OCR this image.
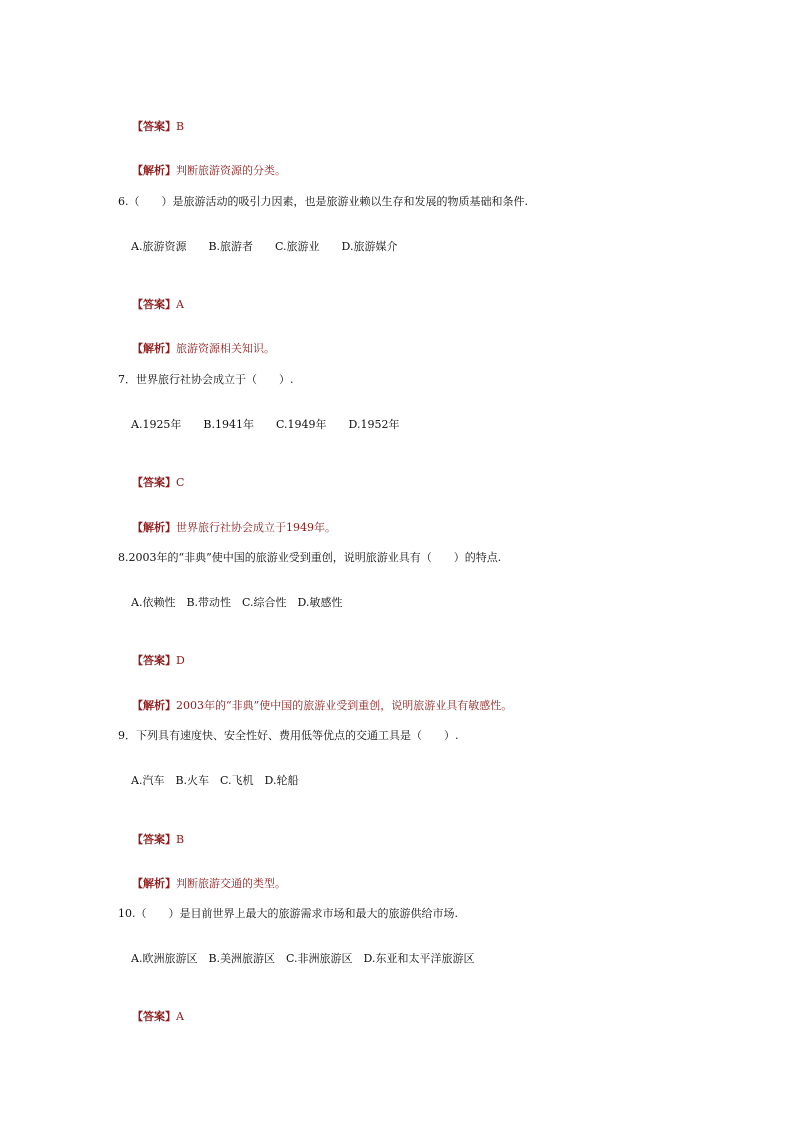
【答案】B

【解析】判断旅游资源的分类。

6.（　　）是旅游活动的吸引力因素，也是旅游业赖以生存和发展的物质基础和条件.
A.旅游资源　　B.旅游者　　C.旅游业　　D.旅游媒介

【答案】A

【解析】旅游资源相关知识。

7．世界旅行社协会成立于（　　）.
A.1925年　　B.1941年　　C.1949年　　D.1952年

【答案】C

【解析】世界旅行社协会成立于1949年。

8.2003年的“非典”使中国的旅游业受到重创，说明旅游业具有（　　）的特点.
A.依赖性　B.带动性　C.综合性　D.敏感性

【答案】D

【解析】2003年的“非典”使中国的旅游业受到重创，说明旅游业具有敏感性。

9．下列具有速度快、安全性好、费用低等优点的交通工具是（　　）.
A.汽车　B.火车　C.飞机　D.轮船

【答案】B

【解析】判断旅游交通的类型。

10.（　　）是目前世界上最大的旅游需求市场和最大的旅游供给市场.
A.欧洲旅游区　B.美洲旅游区　C.非洲旅游区　D.东亚和太平洋旅游区

【答案】A
